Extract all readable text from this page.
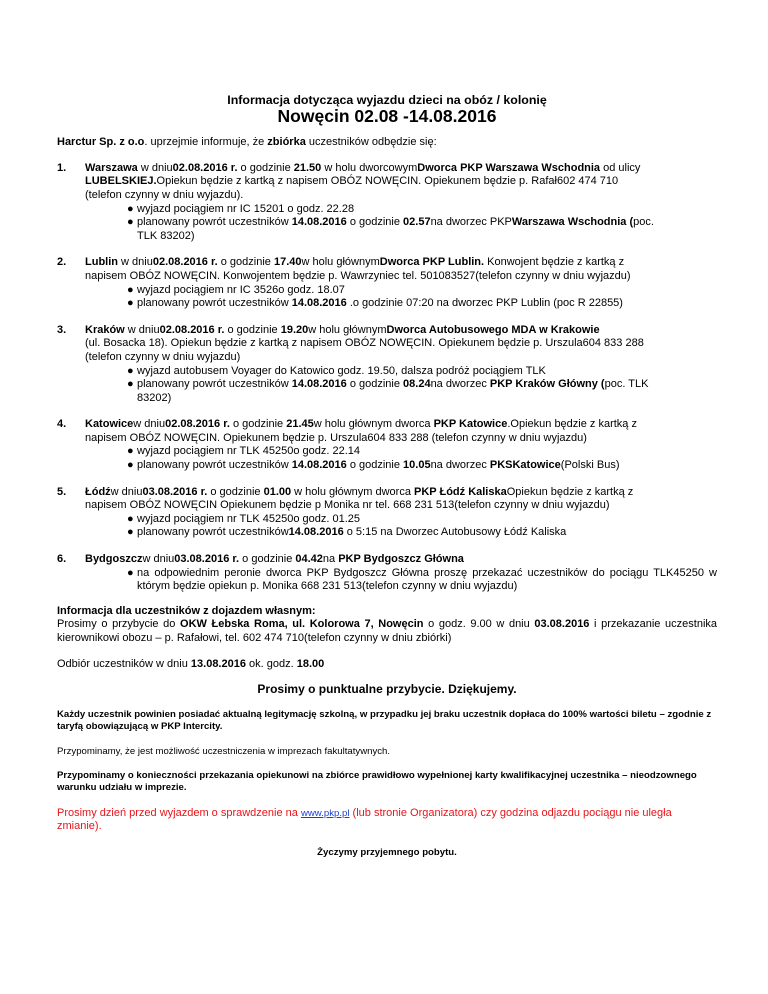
Informacja dotycząca wyjazdu dzieci na obóz / kolonię

Nowęcin 02.08 -14.08.2016

Harctur Sp. z o.o. uprzejmie informuje, że zbiórka uczestników odbędzie się:

1. Warszawa w dniu02.08.2016 r. o godzinie 21.50 w holu dworcowymDworca PKP Warszawa Wschodnia od ulicy

LUBELSKIEJ.Opiekun będzie z kartką z napisem OBÓZ NOWĘCIN. Opiekunem będzie p. Rafał602 474 710

(telefon czynny w dniu wyjazdu).

● wyjazd pociągiem nr IC 15201 o godz. 22.28
● planowany powrót uczestników 14.08.2016 o godzinie 02.57na dworzec PKPWarszawa Wschodnia (poc.
TLK 83202)
2. Lublin w dniu02.08.2016 r. o godzinie 17.40w holu głównymDworca PKP Lublin. Konwojent będzie z kartką z

napisem OBÓZ NOWĘCIN. Konwojentem będzie p. Wawrzyniec tel. 501083527(telefon czynny w dniu wyjazdu)

● wyjazd pociągiem nr IC 3526o godz. 18.07
● planowany powrót uczestników 14.08.2016 .o godzinie 07:20 na dworzec PKP Lublin (poc R 22855)
3. Kraków w dniu02.08.2016 r. o godzinie 19.20w holu głównymDworca Autobusowego MDA w Krakowie

(ul. Bosacka 18). Opiekun będzie z kartką z napisem OBÓZ NOWĘCIN. Opiekunem będzie p. Urszula604 833 288

(telefon czynny w dniu wyjazdu)

● wyjazd autobusem Voyager do Katowico godz. 19.50, dalsza podróż pociągiem TLK
● planowany powrót uczestników 14.08.2016 o godzinie 08.24na dworzec PKP Kraków Główny (poc. TLK
83202)
4. Katowicew dniu02.08.2016 r. o godzinie 21.45w holu głównym dworca PKP Katowice.Opiekun będzie z kartką z

napisem OBÓZ NOWĘCIN. Opiekunem będzie p. Urszula604 833 288 (telefon czynny w dniu wyjazdu)

● wyjazd pociągiem nr TLK 45250o godz. 22.14
● planowany powrót uczestników 14.08.2016 o godzinie 10.05na dworzec PKSKatowice(Polski Bus)
5. Łódźw dniu03.08.2016 r. o godzinie 01.00 w holu głównym dworca PKP Łódź KaliskaOpiekun będzie z kartką z

napisem OBÓZ NOWĘCIN Opiekunem będzie p Monika nr tel. 668 231 513(telefon czynny w dniu wyjazdu)

● wyjazd pociągiem nr TLK 45250o godz. 01.25
● planowany powrót uczestników14.08.2016 o 5:15 na Dworzec Autobusowy Łódź Kaliska
6. Bydgoszczw dniu03.08.2016 r. o godzinie 04.42na PKP Bydgoszcz Główna

● na odpowiednim peronie dworca PKP Bydgoszcz Główna proszę przekazać uczestników do pociągu TLK45250 w którym będzie opiekun p. Monika 668 231 513(telefon czynny w dniu wyjazdu)

Informacja dla uczestników z dojazdem własnym:
Prosimy o przybycie do OKW Łebska Roma, ul. Kolorowa 7, Nowęcin o godz. 9.00 w dniu 03.08.2016 i przekazanie uczestnika kierownikowi obozu – p. Rafałowi, tel. 602 474 710(telefon czynny w dniu zbiórki)

Odbiór uczestników w dniu 13.08.2016 ok. godz. 18.00

Prosimy o punktualne przybycie. Dziękujemy.

Każdy uczestnik powinien posiadać aktualną legitymację szkolną, w przypadku jej braku uczestnik dopłaca do 100% wartości biletu – zgodnie z taryfą obowiązującą w PKP Intercity.

Przypominamy, że jest możliwość uczestniczenia w imprezach fakultatywnych.

Przypominamy o konieczności przekazania opiekunowi na zbiórce prawidłowo wypełnionej karty kwalifikacyjnej uczestnika – nieodzownego warunku udziału w imprezie.

Prosimy dzień przed wyjazdem o sprawdzenie na www.pkp.pl (lub stronie Organizatora) czy godzina odjazdu pociągu nie uległa zmianie).

Życzymy przyjemnego pobytu.
